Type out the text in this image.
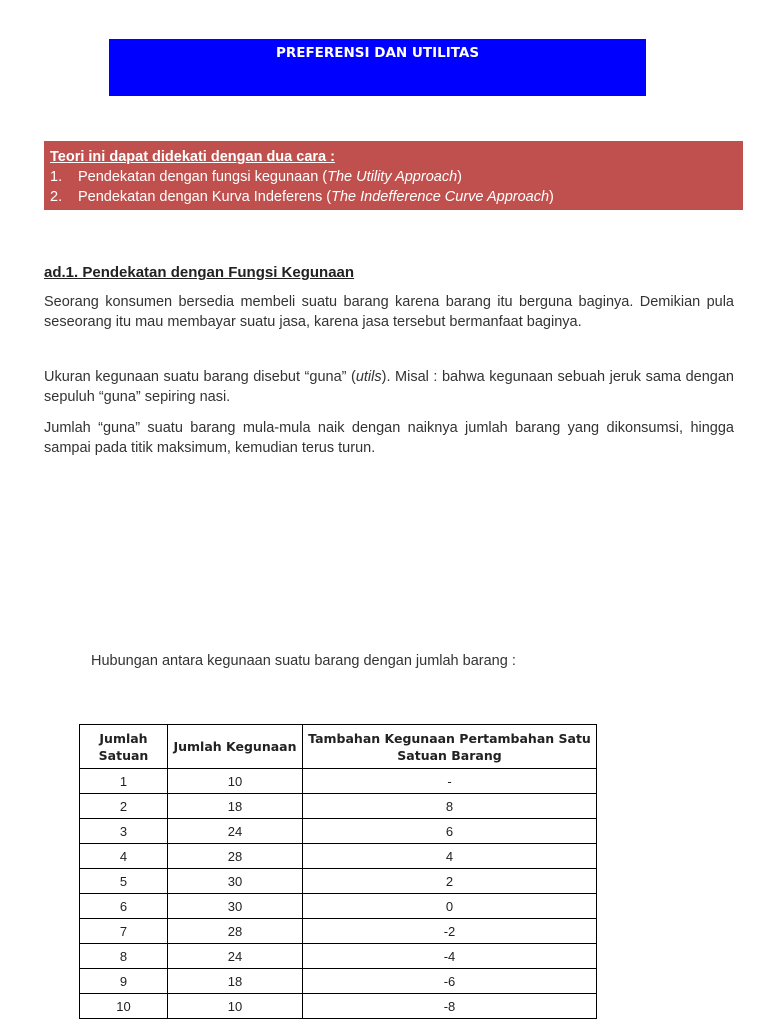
PREFERENSI DAN UTILITAS
Teori ini dapat didekati dengan dua cara :
1. Pendekatan dengan fungsi kegunaan (The Utility Approach)
2. Pendekatan dengan Kurva Indeferens (The Indefference Curve Approach)
ad.1. Pendekatan dengan Fungsi Kegunaan
Seorang konsumen bersedia membeli suatu barang karena barang itu berguna baginya. Demikian pula seseorang itu mau membayar suatu jasa, karena jasa tersebut bermanfaat baginya.
Ukuran kegunaan suatu barang disebut “guna” (utils). Misal : bahwa kegunaan sebuah jeruk sama dengan sepuluh “guna” sepiring nasi.
Jumlah “guna” suatu barang mula-mula naik dengan naiknya jumlah barang yang dikonsumsi, hingga sampai pada titik maksimum, kemudian terus turun.
Hubungan antara kegunaan suatu barang dengan jumlah barang :
Jumlah Satuan	Jumlah Kegunaan	Tambahan Kegunaan Pertambahan Satu Satuan Barang
1	10	-
2	18	8
3	24	6
4	28	4
5	30	2
6	30	0
7	28	-2
8	24	-4
9	18	-6
10	10	-8
